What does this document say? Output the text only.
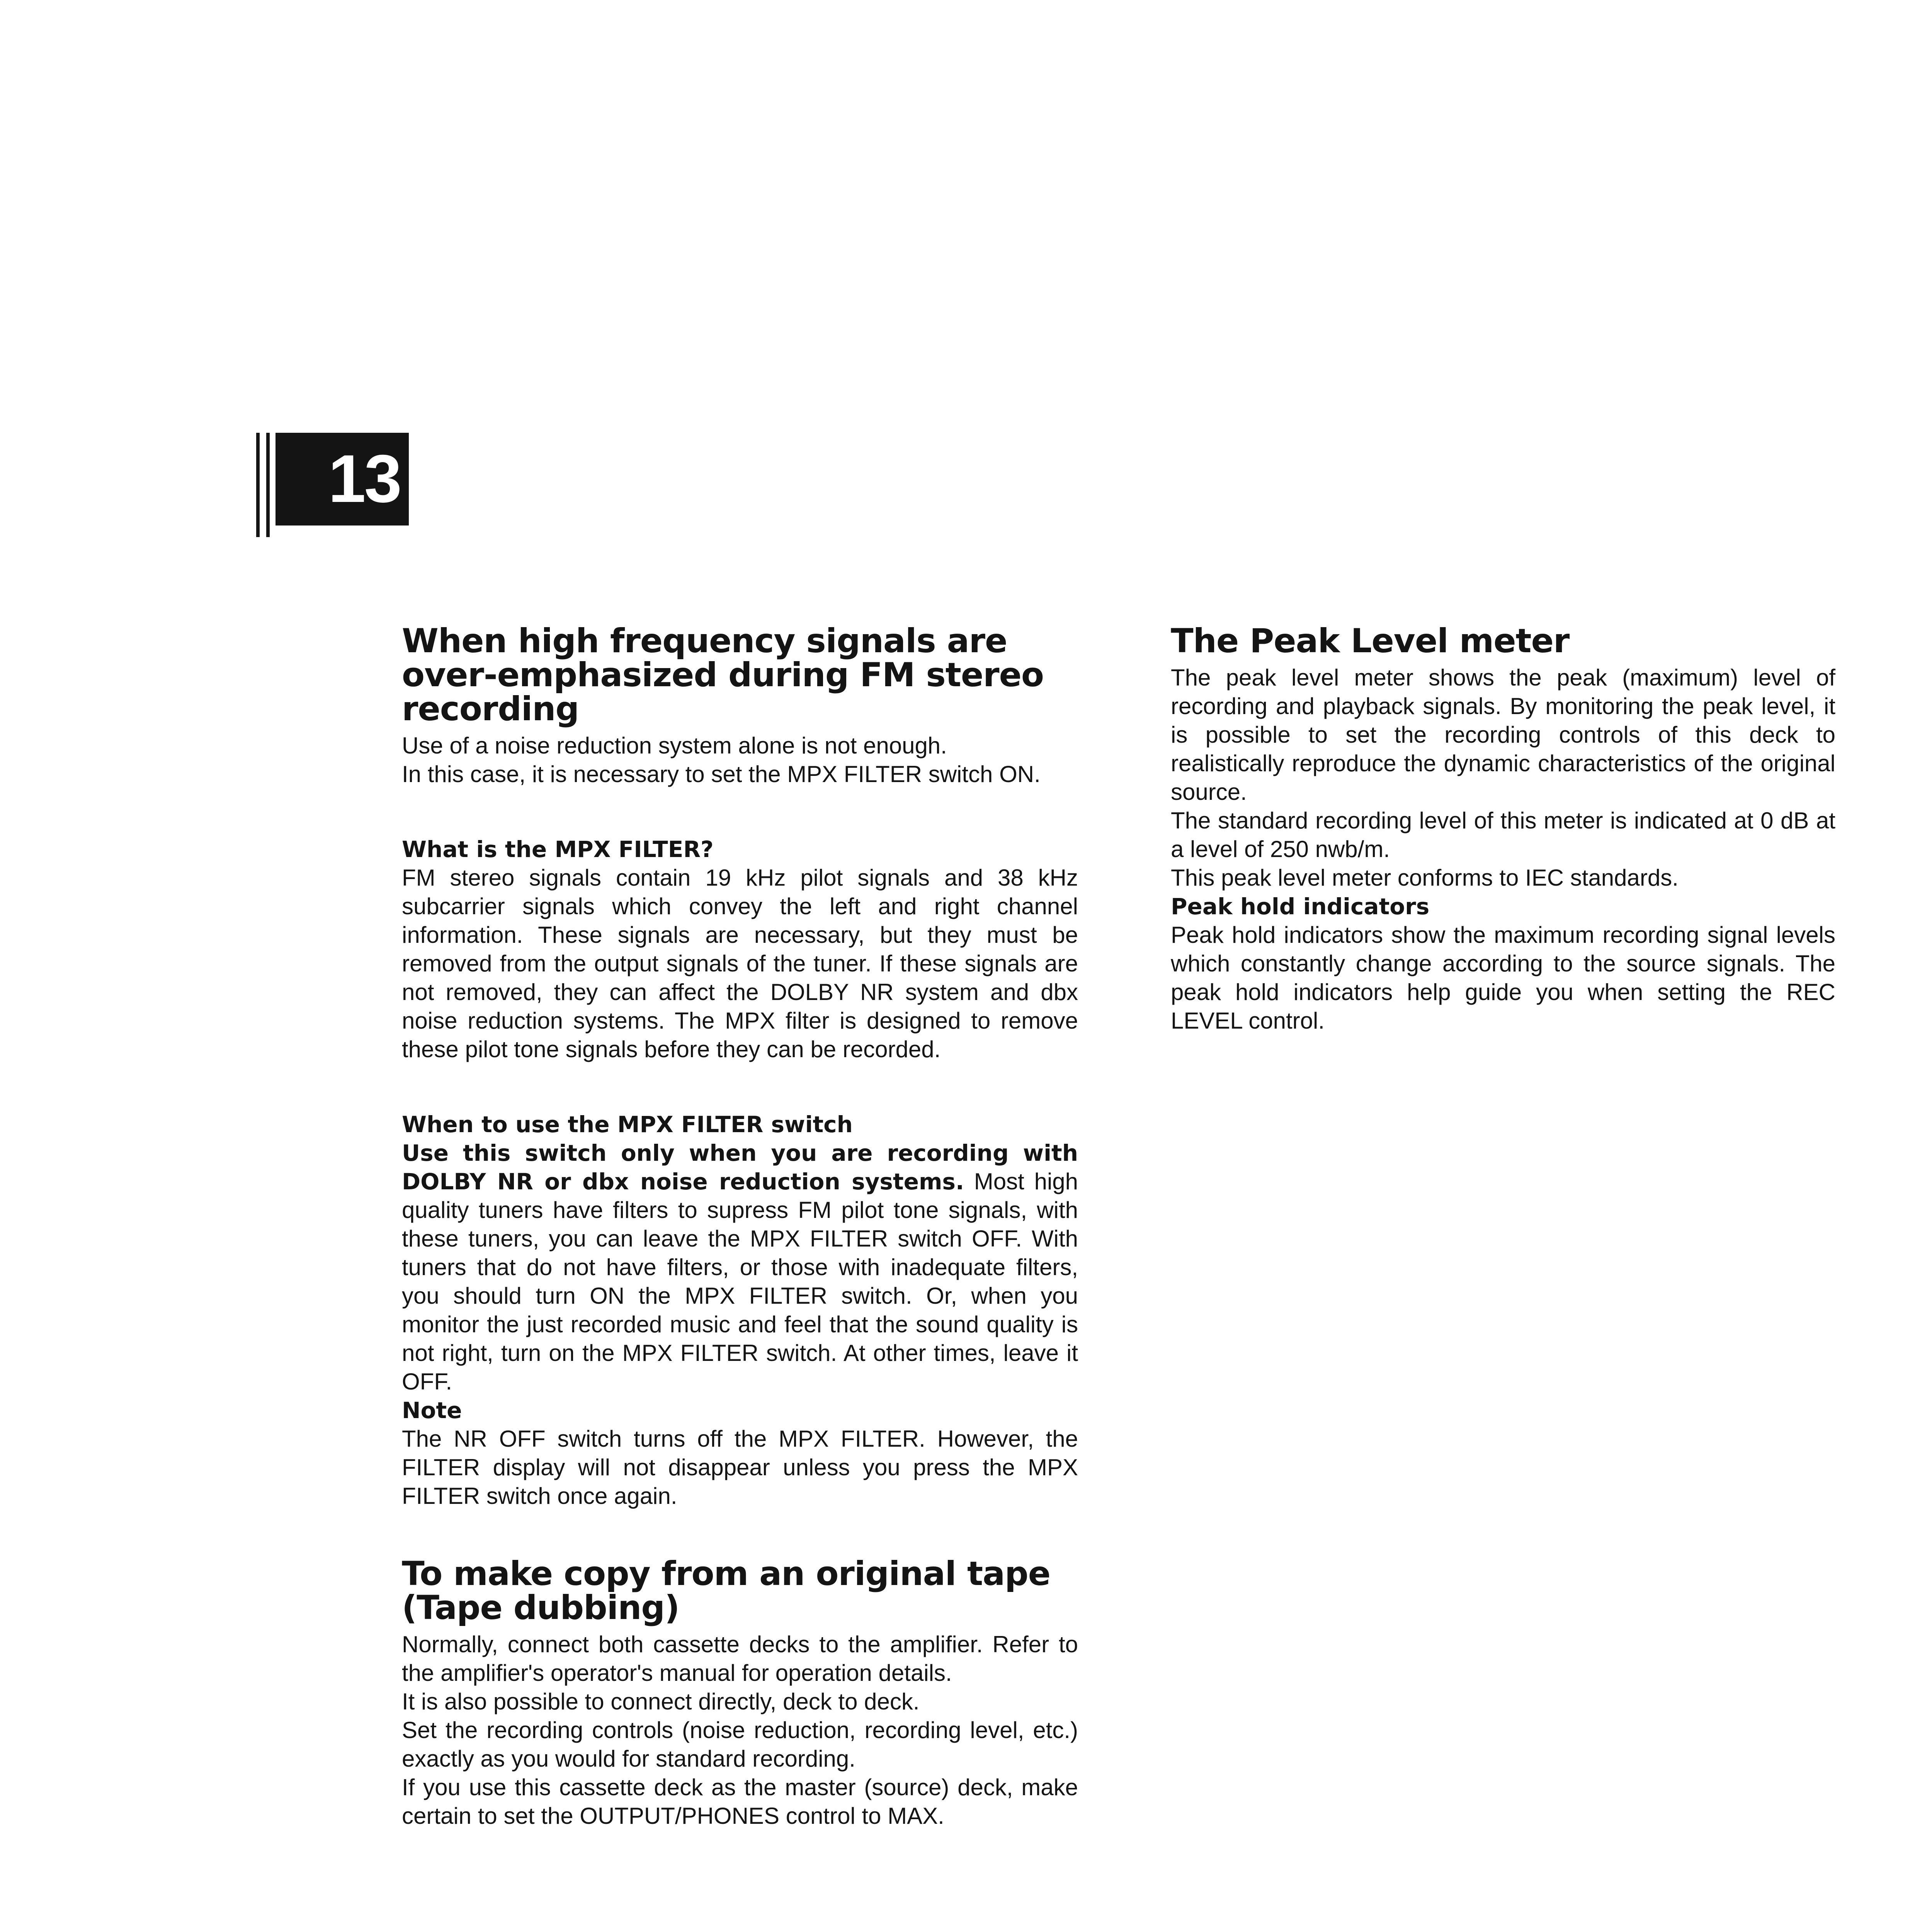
13
When high frequency signals are over-emphasized during FM stereo recording

Use of a noise reduction system alone is not enough.

In this case, it is necessary to set the MPX FILTER switch ON.

What is the MPX FILTER?

FM stereo signals contain 19 kHz pilot signals and 38 kHz subcarrier signals which convey the left and right channel information. These signals are necessary, but they must be removed from the output signals of the tuner. If these signals are not removed, they can affect the DOLBY NR system and dbx noise reduction systems. The MPX filter is designed to remove these pilot tone signals before they can be recorded.

When to use the MPX FILTER switch

Use this switch only when you are recording with DOLBY NR or dbx noise reduction systems. Most high quality tuners have filters to supress FM pilot tone signals, with these tuners, you can leave the MPX FILTER switch OFF. With tuners that do not have filters, or those with inadequate filters, you should turn ON the MPX FILTER switch. Or, when you monitor the just recorded music and feel that the sound quality is not right, turn on the MPX FILTER switch. At other times, leave it OFF.

Note

The NR OFF switch turns off the MPX FILTER. However, the FILTER display will not disappear unless you press the MPX FILTER switch once again.

To make copy from an original tape (Tape dubbing)

Normally, connect both cassette decks to the amplifier. Refer to the amplifier's operator's manual for operation details.

It is also possible to connect directly, deck to deck.

Set the recording controls (noise reduction, recording level, etc.) exactly as you would for standard recording.

If you use this cassette deck as the master (source) deck, make certain to set the OUTPUT/PHONES control to MAX.

The Peak Level meter

The peak level meter shows the peak (maximum) level of recording and playback signals. By monitoring the peak level, it is possible to set the recording controls of this deck to realistically reproduce the dynamic characteristics of the original source.

The standard recording level of this meter is indicated at 0 dB at a level of 250 nwb/m.

This peak level meter conforms to IEC standards.

Peak hold indicators

Peak hold indicators show the maximum recording signal levels which constantly change according to the source signals. The peak hold indicators help guide you when setting the REC LEVEL control.
